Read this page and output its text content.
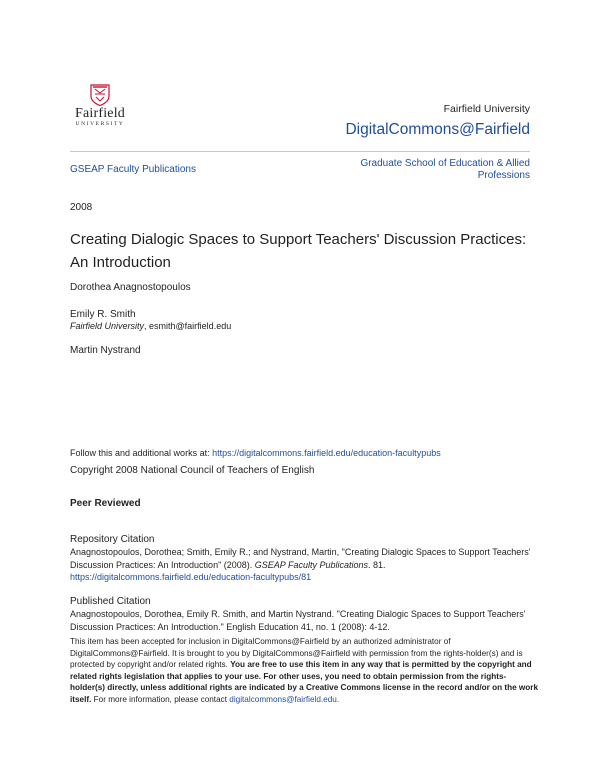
Fairfield
UNIVERSITY
Fairfield University
DigitalCommons@Fairfield
GSEAP Faculty Publications
Graduate School of Education & Allied Professions
2008
Creating Dialogic Spaces to Support Teachers' Discussion Practices: An Introduction
Dorothea Anagnostopoulos
Emily R. Smith
Fairfield University, esmith@fairfield.edu
Martin Nystrand
Follow this and additional works at: https://digitalcommons.fairfield.edu/education-facultypubs
Copyright 2008 National Council of Teachers of English
Peer Reviewed
Repository Citation
Anagnostopoulos, Dorothea; Smith, Emily R.; and Nystrand, Martin, "Creating Dialogic Spaces to Support Teachers' Discussion Practices: An Introduction" (2008). GSEAP Faculty Publications. 81.
https://digitalcommons.fairfield.edu/education-facultypubs/81
Published Citation
Anagnostopoulos, Dorothea, Emily R. Smith, and Martin Nystrand. "Creating Dialogic Spaces to Support Teachers' Discussion Practices: An Introduction." English Education 41, no. 1 (2008): 4-12.
This item has been accepted for inclusion in DigitalCommons@Fairfield by an authorized administrator of DigitalCommons@Fairfield. It is brought to you by DigitalCommons@Fairfield with permission from the rights-holder(s) and is protected by copyright and/or related rights. You are free to use this item in any way that is permitted by the copyright and related rights legislation that applies to your use. For other uses, you need to obtain permission from the rights-holder(s) directly, unless additional rights are indicated by a Creative Commons license in the record and/or on the work itself. For more information, please contact digitalcommons@fairfield.edu.
